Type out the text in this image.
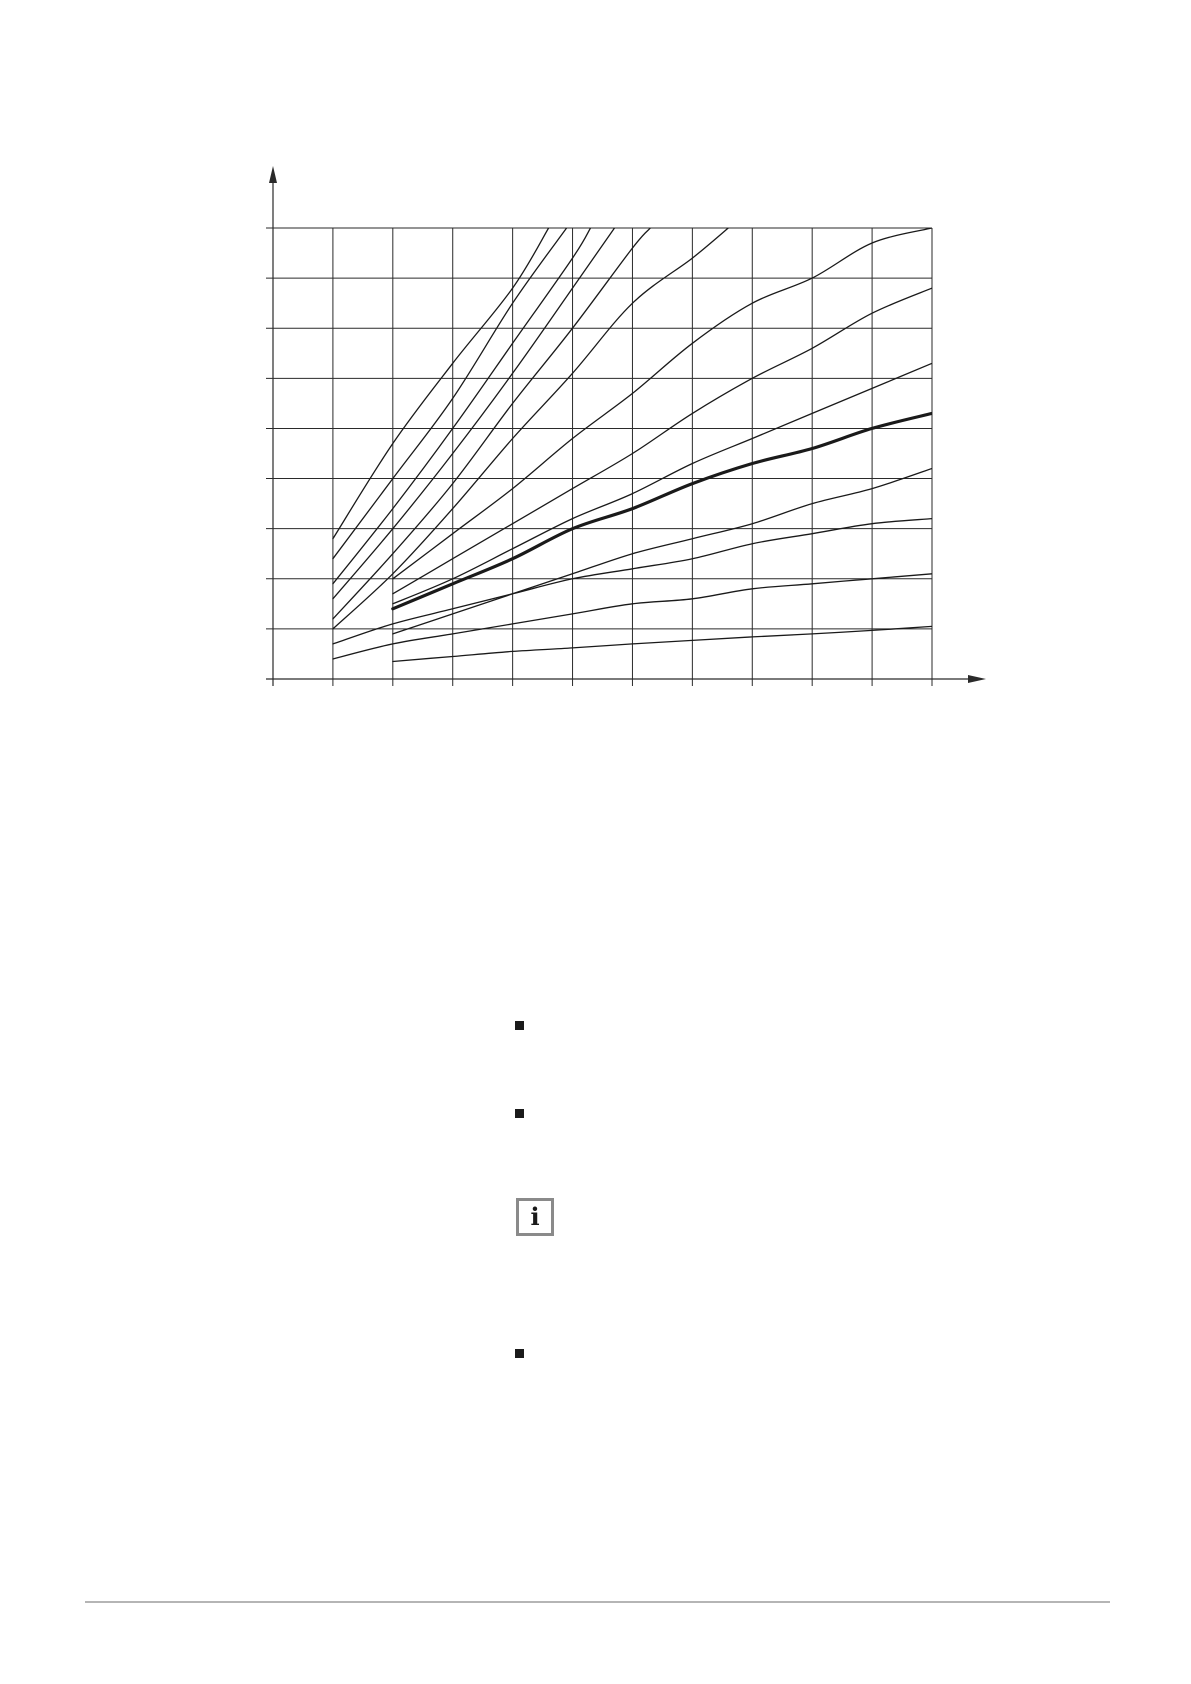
i
